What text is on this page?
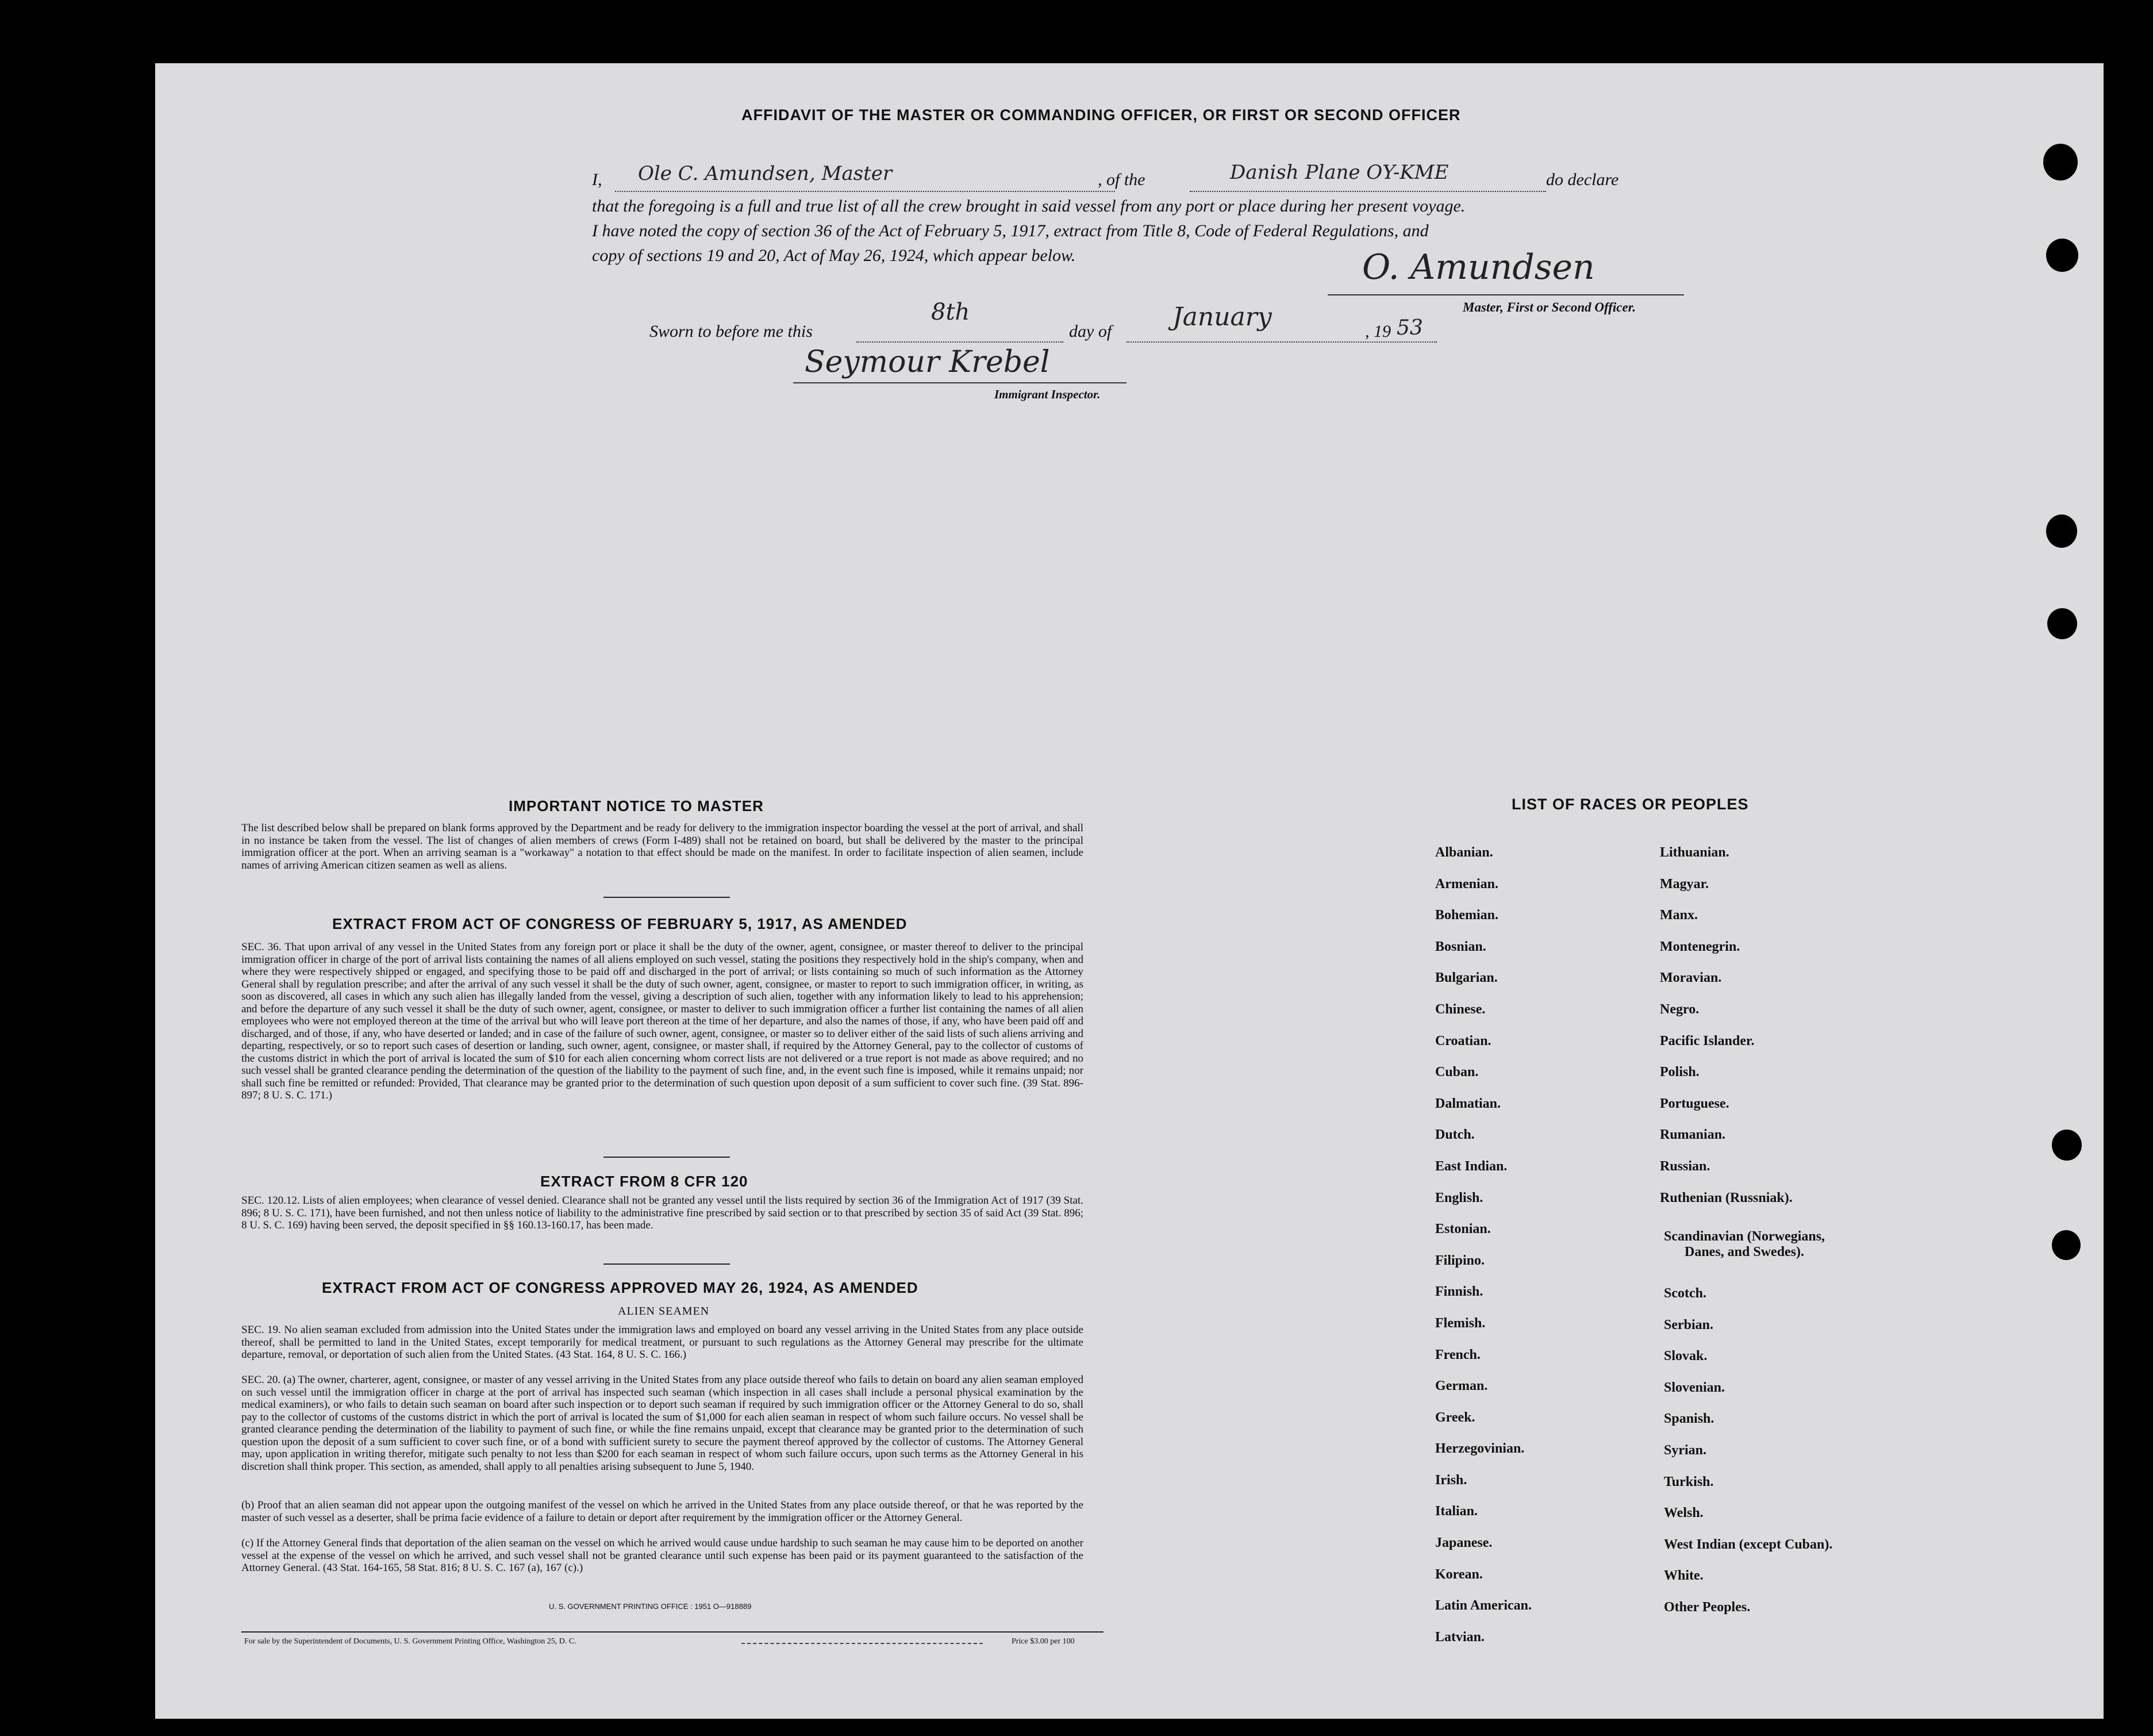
AFFIDAVIT OF THE MASTER OR COMMANDING OFFICER, OR FIRST OR SECOND OFFICER
I, Ole C. Amundsen, Master	, of the	Danish Plane OY-KME	do declare
that the foregoing is a full and true list of all the crew brought in said vessel from any port or place during her present voyage.
I have noted the copy of section 36 of the Act of February 5, 1917, extract from Title 8, Code of Federal Regulations, and
copy of sections 19 and 20, Act of May 26, 1924, which appear below.	O. Amundsen
Master, First or Second Officer.
Sworn to before me this
8th
day of January	, 19 53
Seymour Krebel
Immigrant Inspector.
IMPORTANT NOTICE TO MASTER
The list described below shall be prepared on blank forms approved by the Department and be ready for delivery to the immigration inspector boarding the vessel at the port of arrival, and shall in no instance be taken from the vessel. The list of changes of alien members of crews (Form I-489) shall not be retained on board, but shall be delivered by the master to the principal immigration officer at the port. When an arriving seaman is a "workaway" a notation to that effect should be made on the manifest. In order to facilitate inspection of alien seamen, include names of arriving American citizen seamen as well as aliens.
EXTRACT FROM ACT OF CONGRESS OF FEBRUARY 5, 1917, AS AMENDED
SEC. 36. That upon arrival of any vessel in the United States from any foreign port or place it shall be the duty of the owner, agent, consignee, or master thereof to deliver to the principal immigration officer in charge of the port of arrival lists containing the names of all aliens employed on such vessel, stating the positions they respectively hold in the ship's company, when and where they were respectively shipped or engaged, and specifying those to be paid off and discharged in the port of arrival; or lists containing so much of such information as the Attorney General shall by regulation prescribe; and after the arrival of any such vessel it shall be the duty of such owner, agent, consignee, or master to report to such immigration officer, in writing, as soon as discovered, all cases in which any such alien has illegally landed from the vessel, giving a description of such alien, together with any information likely to lead to his apprehension; and before the departure of any such vessel it shall be the duty of such owner, agent, consignee, or master to deliver to such immigration officer a further list containing the names of all alien employees who were not employed thereon at the time of the arrival but who will leave port thereon at the time of her departure, and also the names of those, if any, who have been paid off and discharged, and of those, if any, who have deserted or landed; and in case of the failure of such owner, agent, consignee, or master so to deliver either of the said lists of such aliens arriving and departing, respectively, or so to report such cases of desertion or landing, such owner, agent, consignee, or master shall, if required by the Attorney General, pay to the collector of customs of the customs district in which the port of arrival is located the sum of $10 for each alien concerning whom correct lists are not delivered or a true report is not made as above required; and no such vessel shall be granted clearance pending the determination of the question of the liability to the payment of such fine, and, in the event such fine is imposed, while it remains unpaid; nor shall such fine be remitted or refunded: Provided, That clearance may be granted prior to the determination of such question upon deposit of a sum sufficient to cover such fine. (39 Stat. 896-897; 8 U. S. C. 171.)
EXTRACT FROM 8 CFR 120
SEC. 120.12. Lists of alien employees; when clearance of vessel denied. Clearance shall not be granted any vessel until the lists required by section 36 of the Immigration Act of 1917 (39 Stat. 896; 8 U. S. C. 171), have been furnished, and not then unless notice of liability to the administrative fine prescribed by said section or to that prescribed by section 35 of said Act (39 Stat. 896; 8 U. S. C. 169) having been served, the deposit specified in §§ 160.13-160.17, has been made.
EXTRACT FROM ACT OF CONGRESS APPROVED MAY 26, 1924, AS AMENDED
ALIEN SEAMEN
SEC. 19. No alien seaman excluded from admission into the United States under the immigration laws and employed on board any vessel arriving in the United States from any place outside thereof, shall be permitted to land in the United States, except temporarily for medical treatment, or pursuant to such regulations as the Attorney General may prescribe for the ultimate departure, removal, or deportation of such alien from the United States. (43 Stat. 164, 8 U. S. C. 166.)
SEC. 20. (a) The owner, charterer, agent, consignee, or master of any vessel arriving in the United States from any place outside thereof who fails to detain on board any alien seaman employed on such vessel until the immigration officer in charge at the port of arrival has inspected such seaman (which inspection in all cases shall include a personal physical examination by the medical examiners), or who fails to detain such seaman on board after such inspection or to deport such seaman if required by such immigration officer or the Attorney General to do so, shall pay to the collector of customs of the customs district in which the port of arrival is located the sum of $1,000 for each alien seaman in respect of whom such failure occurs. No vessel shall be granted clearance pending the determination of the liability to payment of such fine, or while the fine remains unpaid, except that clearance may be granted prior to the determination of such question upon the deposit of a sum sufficient to cover such fine, or of a bond with sufficient surety to secure the payment thereof approved by the collector of customs. The Attorney General may, upon application in writing therefor, mitigate such penalty to not less than $200 for each seaman in respect of whom such failure occurs, upon such terms as the Attorney General in his discretion shall think proper. This section, as amended, shall apply to all penalties arising subsequent to June 5, 1940.
(b) Proof that an alien seaman did not appear upon the outgoing manifest of the vessel on which he arrived in the United States from any place outside thereof, or that he was reported by the master of such vessel as a deserter, shall be prima facie evidence of a failure to detain or deport after requirement by the immigration officer or the Attorney General.
(c) If the Attorney General finds that deportation of the alien seaman on the vessel on which he arrived would cause undue hardship to such seaman he may cause him to be deported on another vessel at the expense of the vessel on which he arrived, and such vessel shall not be granted clearance until such expense has been paid or its payment guaranteed to the satisfaction of the Attorney General. (43 Stat. 164-165, 58 Stat. 816; 8 U. S. C. 167 (a), 167 (c).)
U. S. GOVERNMENT PRINTING OFFICE : 1951 O—918889
For sale by the Superintendent of Documents, U. S. Government Printing Office, Washington 25, D. C.	Price $3.00 per 100
LIST OF RACES OR PEOPLES
Albanian.
Armenian.
Bohemian.
Bosnian.
Bulgarian.
Chinese.
Croatian.
Cuban.
Dalmatian.
Dutch.
East Indian.
English.
Estonian.
Filipino.
Finnish.
Flemish.
French.
German.
Greek.
Herzegovinian.
Irish.
Italian.
Japanese.
Korean.
Latin American.
Latvian.
Lithuanian.
Magyar.
Manx.
Montenegrin.
Moravian.
Negro.
Pacific Islander.
Polish.
Portuguese.
Rumanian.
Russian.
Ruthenian (Russniak).
Scandinavian (Norwegians,
Danes, and Swedes).
Scotch.
Serbian.
Slovak.
Slovenian.
Spanish.
Syrian.
Turkish.
Welsh.
West Indian (except Cuban).
White.
Other Peoples.
